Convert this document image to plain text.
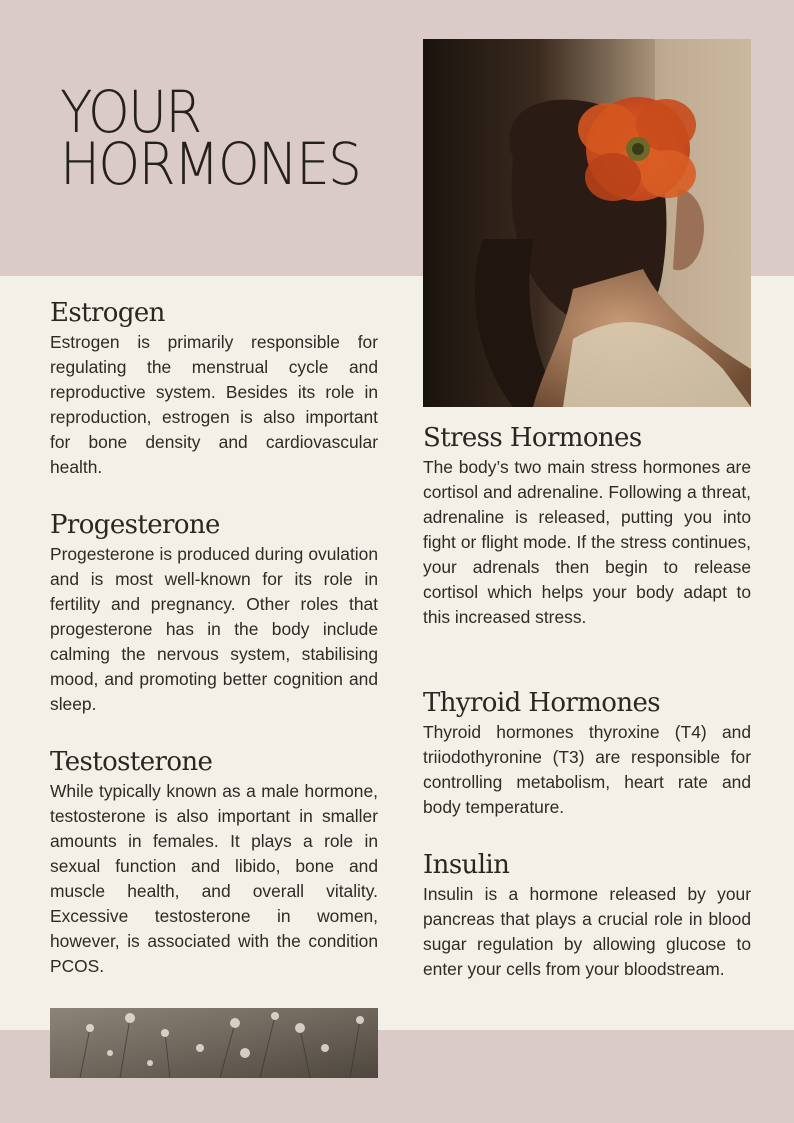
YOUR
HORMONES
Estrogen

Estrogen is primarily responsible for regulating the menstrual cycle and reproductive system. Besides its role in reproduction, estrogen is also important for bone density and cardiovascular health.

Progesterone

Progesterone is produced during ovulation and is most well-known for its role in fertility and pregnancy. Other roles that progesterone has in the body include calming the nervous system, stabilising mood, and promoting better cognition and sleep.

Testosterone

While typically known as a male hormone, testosterone is also important in smaller amounts in females. It plays a role in sexual function and libido, bone and muscle health, and overall vitality. Excessive testosterone in women, however, is associated with the condition PCOS.

Stress Hormones

The body’s two main stress hormones are cortisol and adrenaline. Following a threat, adrenaline is released, putting you into fight or flight mode. If the stress continues, your adrenals then begin to release cortisol which helps your body adapt to this increased stress.

Thyroid Hormones

Thyroid hormones thyroxine (T4) and triiodothyronine (T3) are responsible for controlling metabolism, heart rate and body temperature.

Insulin

Insulin is a hormone released by your pancreas that plays a crucial role in blood sugar regulation by allowing glucose to enter your cells from your bloodstream.
